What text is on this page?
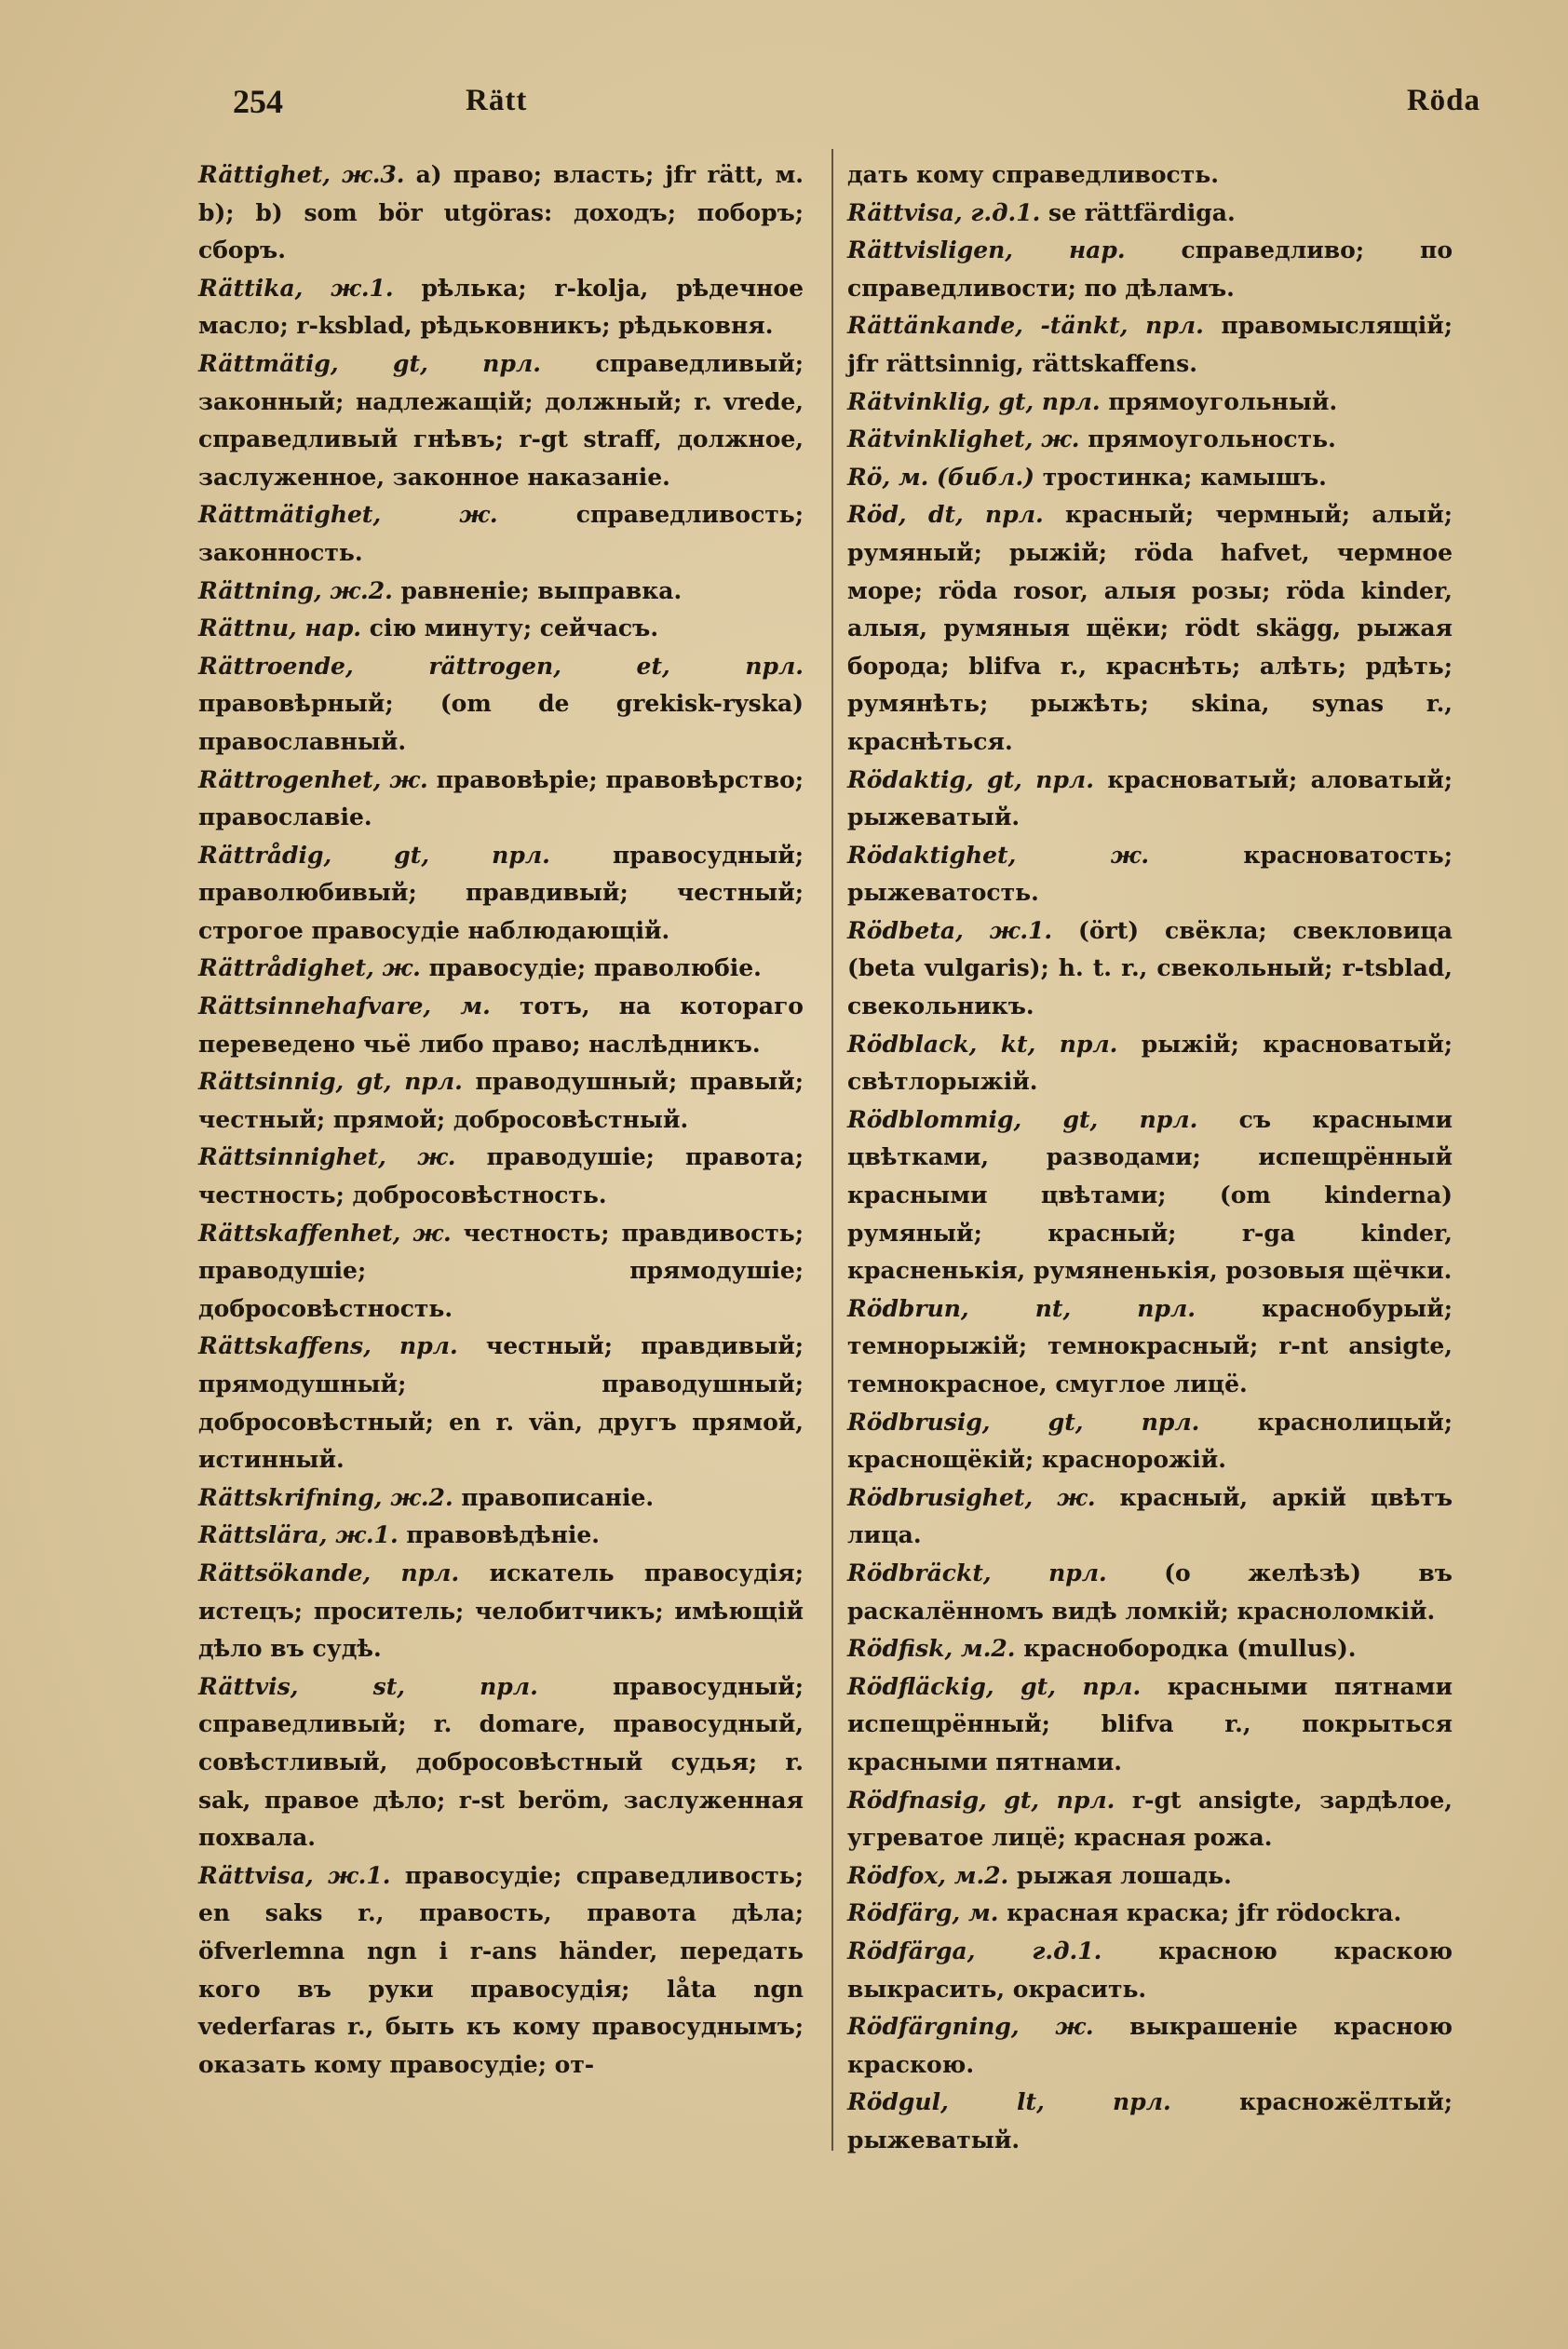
254	Rätt	Röda

Rättighet, ж.3. a) право; власть; jfr rätt, м. b); b) som bör utgöras: доходъ; поборъ; сборъ.

Rättika, ж.1. рѣлька; r-kolja, рѣдечное масло; r-ksblad, рѣдьковникъ; рѣдьковня.

Rättmätig, gt, прл. справедливый; законный; надлежащій; должный; r. vrede, справедливый гнѣвъ; r-gt straff, должное, заслуженное, законное наказаніе.

Rättmätighet, ж. справедливость; законность.

Rättning, ж.2. равненіе; выправка.

Rättnu, нар. сію минуту; сейчасъ.

Rättroende, rättrogen, et, прл. правовѣрный; (om de grekisk-ryska) православный.

Rättrogenhet, ж. правовѣріе; правовѣрство; православіе.

Rättrådig, gt, прл. правосудный; праволюбивый; правдивый; честный; строгое правосудіе наблюдающій.

Rättrådighet, ж. правосудіе; праволюбіе.

Rättsinnehafvare, м. тотъ, на котораго переведено чьё либо право; наслѣдникъ.

Rättsinnig, gt, прл. праводушный; правый; честный; прямой; добросовѣстный.

Rättsinnighet, ж. праводушіе; правота; честность; добросовѣстность.

Rättskaffenhet, ж. честность; правдивость; праводушіе; прямодушіе; добросовѣстность.

Rättskaffens, прл. честный; правдивый; прямодушный; праводушный; добросовѣстный; en r. vän, другъ прямой, истинный.

Rättskrifning, ж.2. правописаніе.

Rättslära, ж.1. правовѣдѣніе.

Rättsökande, прл. искатель правосудія; истецъ; проситель; челобитчикъ; имѣющій дѣло въ судѣ.

Rättvis, st, прл. правосудный; справедливый; r. domare, правосудный, совѣстливый, добросовѣстный судья; r. sak, правое дѣло; r-st beröm, заслуженная похвала.

Rättvisa, ж.1. правосудіе; справедливость; en saks r., правость, правота дѣла; öfverlemna ngn i r-ans händer, передать кого въ руки правосудія; låta ngn vederfaras r., быть къ кому правосуднымъ; оказать кому правосудіе; от-

дать кому справедливость.

Rättvisa, г.д.1. se rättfärdiga.

Rättvisligen, нар. справедливо; по справедливости; по дѣламъ.

Rättänkande, -tänkt, прл. правомыслящій; jfr rättsinnig, rättskaffens.

Rätvinklig, gt, прл. прямоугольный.

Rätvinklighet, ж. прямоугольность.

Rö, м. (библ.) тростинка; камышъ.

Röd, dt, прл. красный; чермный; алый; румяный; рыжій; röda hafvet, чермное море; röda rosor, алыя розы; röda kinder, алыя, румяныя щёки; rödt skägg, рыжая борода; blifva r., краснѣть; алѣть; рдѣть; румянѣть; рыжѣть; skina, synas r., краснѣться.

Rödaktig, gt, прл. красноватый; аловатый; рыжеватый.

Rödaktighet, ж. красноватость; рыжеватость.

Rödbeta, ж.1. (ört) свёкла; свекловица (beta vulgaris); h. t. r., свекольный; r-tsblad, свекольникъ.

Rödblack, kt, прл. рыжій; красноватый; свѣтлорыжій.

Rödblommig, gt, прл. съ красными цвѣтками, разводами; испещрённый красными цвѣтами; (om kinderna) румяный; красный; r-ga kinder, красненькія, румяненькія, розовыя щёчки.

Rödbrun, nt, прл. краснобурый; темнорыжій; темнокрасный; r-nt ansigte, темнокрасное, смуглое лицё.

Rödbrusig, gt, прл. краснолицый; краснощёкій; краснорожій.

Rödbrusighet, ж. красный, аркій цвѣтъ лица.

Rödbräckt, прл. (о желѣзѣ) въ раскалённомъ видѣ ломкій; красноломкій.

Rödfisk, м.2. краснобородка (mullus).

Rödfläckig, gt, прл. красными пятнами испещрённый; blifva r., покрыться красными пятнами.

Rödfnasig, gt, прл. r-gt ansigte, зардѣлое, угреватое лицё; красная рожа.

Rödfox, м.2. рыжая лошадь.

Rödfärg, м. красная краска; jfr rödockra.

Rödfärga, г.д.1. красною краскою выкрасить, окрасить.

Rödfärgning, ж. выкрашеніе красною краскою.

Rödgul, lt, прл. красножёлтый; рыжеватый.
